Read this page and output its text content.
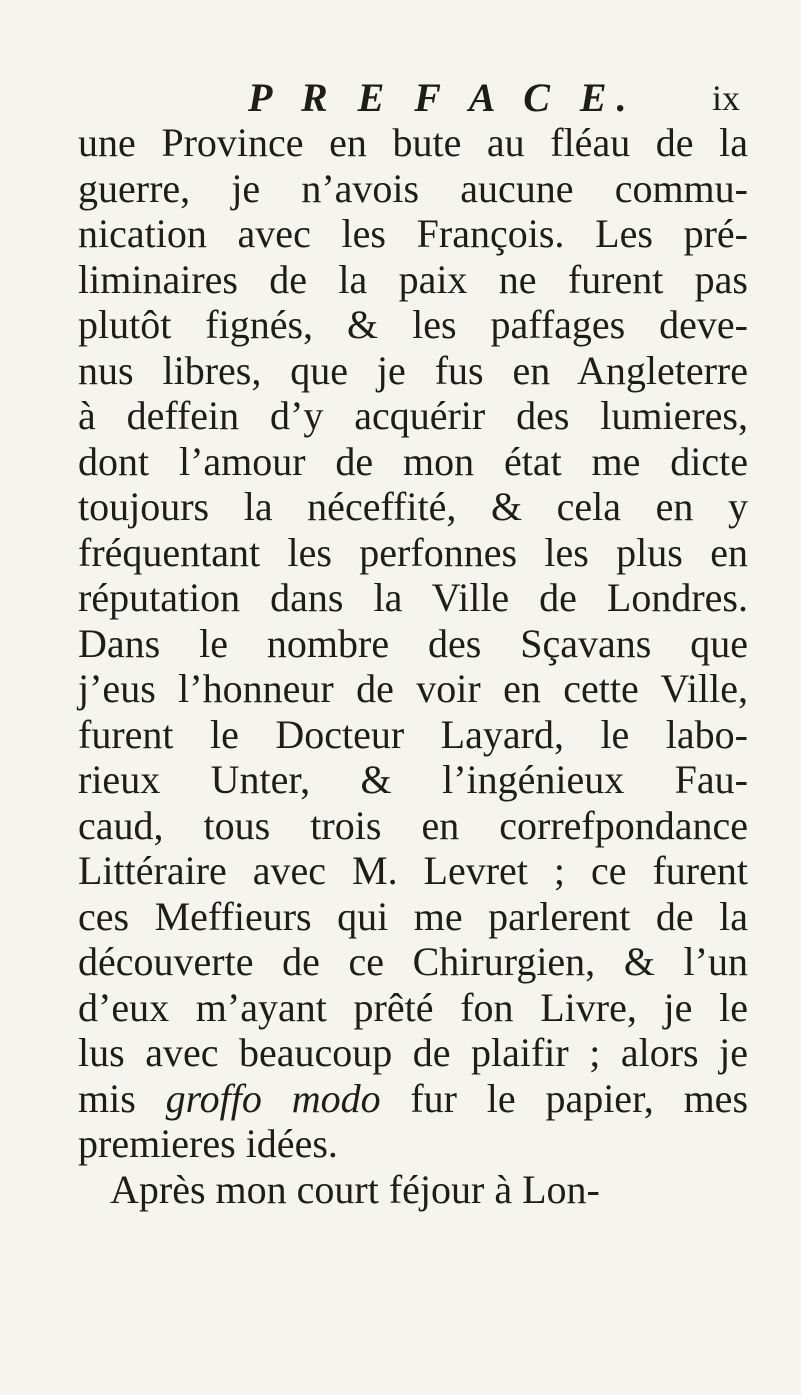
P R E F A C E. ix
une Province en bute au fléau de la
guerre, je n’avois aucune commu-
nication avec les François. Les pré-
liminaires de la paix ne furent pas
plutôt fignés, & les paffages deve-
nus libres, que je fus en Angleterre
à deffein d’y acquérir des lumieres,
dont l’amour de mon état me dicte
toujours la néceffité, & cela en y
fréquentant les perfonnes les plus en
réputation dans la Ville de Londres.
Dans le nombre des Sçavans que
j’eus l’honneur de voir en cette Ville,
furent le Docteur Layard, le labo-
rieux Unter, & l’ingénieux Fau-
caud, tous trois en correfpondance
Littéraire avec M. Levret ; ce furent
ces Meffieurs qui me parlerent de la
découverte de ce Chirurgien, & l’un
d’eux m’ayant prêté fon Livre, je le
lus avec beaucoup de plaifir ; alors je
mis groffo modo fur le papier, mes
premieres idées.
Après mon court féjour à Lon-
